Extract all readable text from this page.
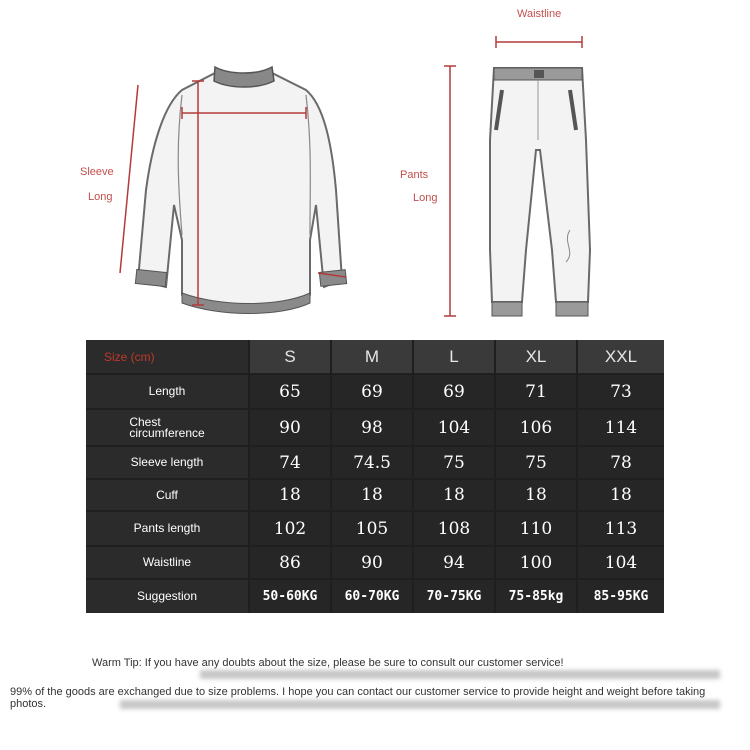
Sleeve
Long
Waistline
Pants
Long
Size (cm)	S	M	L	XL	XXL
Length	65	69	69	71	73
Chest
circumference	90	98	104	106	114
Sleeve length	74	74.5	75	75	78
Cuff	18	18	18	18	18
Pants length	102	105	108	110	113
Waistline	86	90	94	100	104
Suggestion	50-60KG	60-70KG	70-75KG	75-85kg	85-95KG
Warm Tip: If you have any doubts about the size, please be sure to consult our customer service!
99% of the goods are exchanged due to size problems. I hope you can contact our customer service to provide height and weight before taking photos.
